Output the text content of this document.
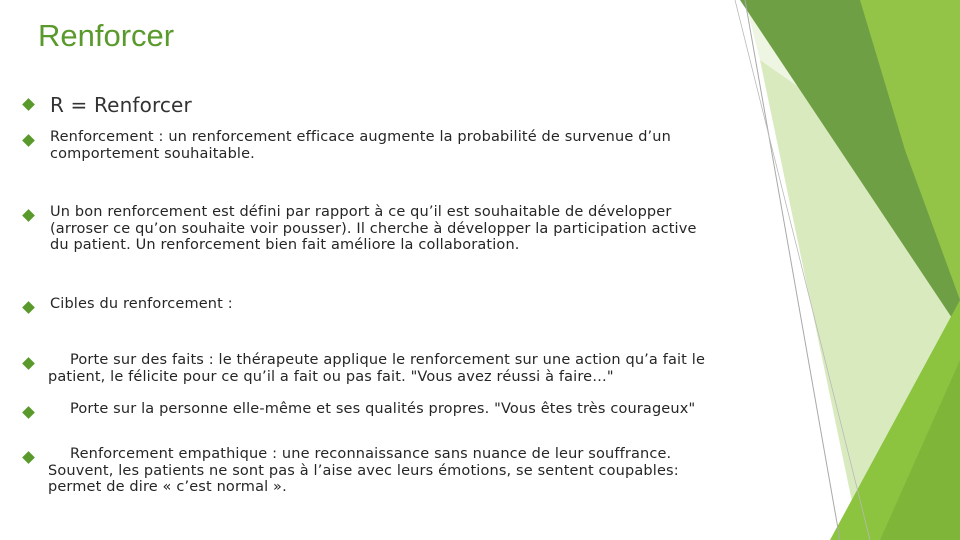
Renforcer
R = Renforcer
Renforcement : un renforcement efficace augmente la probabilité de survenue d’un comportement souhaitable.
Un bon renforcement est défini par rapport à ce qu’il est souhaitable de développer (arroser ce qu’on souhaite voir pousser). Il cherche à développer la participation active du patient. Un renforcement bien fait améliore la collaboration.
Cibles du renforcement :
Porte sur des faits : le thérapeute applique le renforcement sur une action qu’a fait le patient, le félicite pour ce qu’il a fait ou pas fait. "Vous avez réussi à faire…"
Porte sur la personne elle-même et ses qualités propres. "Vous êtes très courageux"
Renforcement empathique : une reconnaissance sans nuance de leur souffrance. Souvent, les patients ne sont pas à l’aise avec leurs émotions, se sentent coupables: permet de dire « c’est normal ».
